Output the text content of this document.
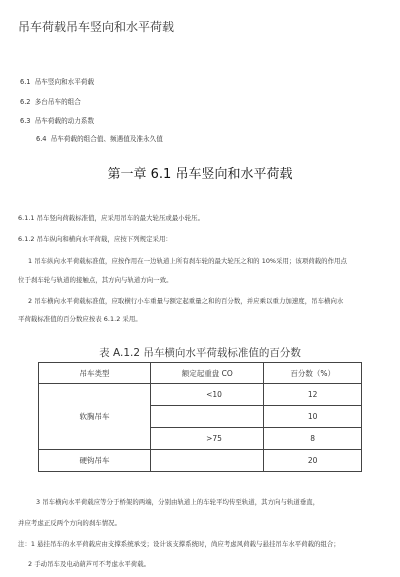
吊车荷载吊车竖向和水平荷载
6.1 吊车竖向和水平荷载
6.2 多台吊车的组合
6.3 吊车荷载的动力系数
6.4 吊车荷载的组合值、频遇值及准永久值
第一章 6.1 吊车竖向和水平荷载
6.1.1 吊车竖向荷载标准值，应采用吊车的最大轮压或最小轮压。
6.1.2 吊车纵向和横向水平荷载，应按下列规定采用：
1 吊车纵向水平荷载标准值，应按作用在一边轨道上所有刹车轮的最大轮压之和的 10%采用；该项荷载的作用点
位于刹车轮与轨道的接触点，其方向与轨道方向一致。
2 吊车横向水平荷载标准值，应取横行小车重量与额定起重量之和的百分数，并应乘以重力加速度，吊车横向水
平荷载标准值的百分数应按表 6.1.2 采用。
表 A.1.2 吊车横向水平荷载标准值的百分数
吊车类型	额定起重盘 CO	百分数（%）
软胸吊车	<10	12
		10
	>75	8
硬钩吊车		20
3 吊车横向水平荷载应等分于桥架的两端，分别由轨道上的车轮平均传至轨道，其方向与轨道垂直，
并应考虑正反两个方向的刹车情况。
注：1 悬挂吊车的水平荷载应由支撑系统承受；设计该支撑系统时，尚应考虑风荷载与悬挂吊车水平荷载的组合；
2 手动吊车及电动葫芦可不考虑水平荷载。
